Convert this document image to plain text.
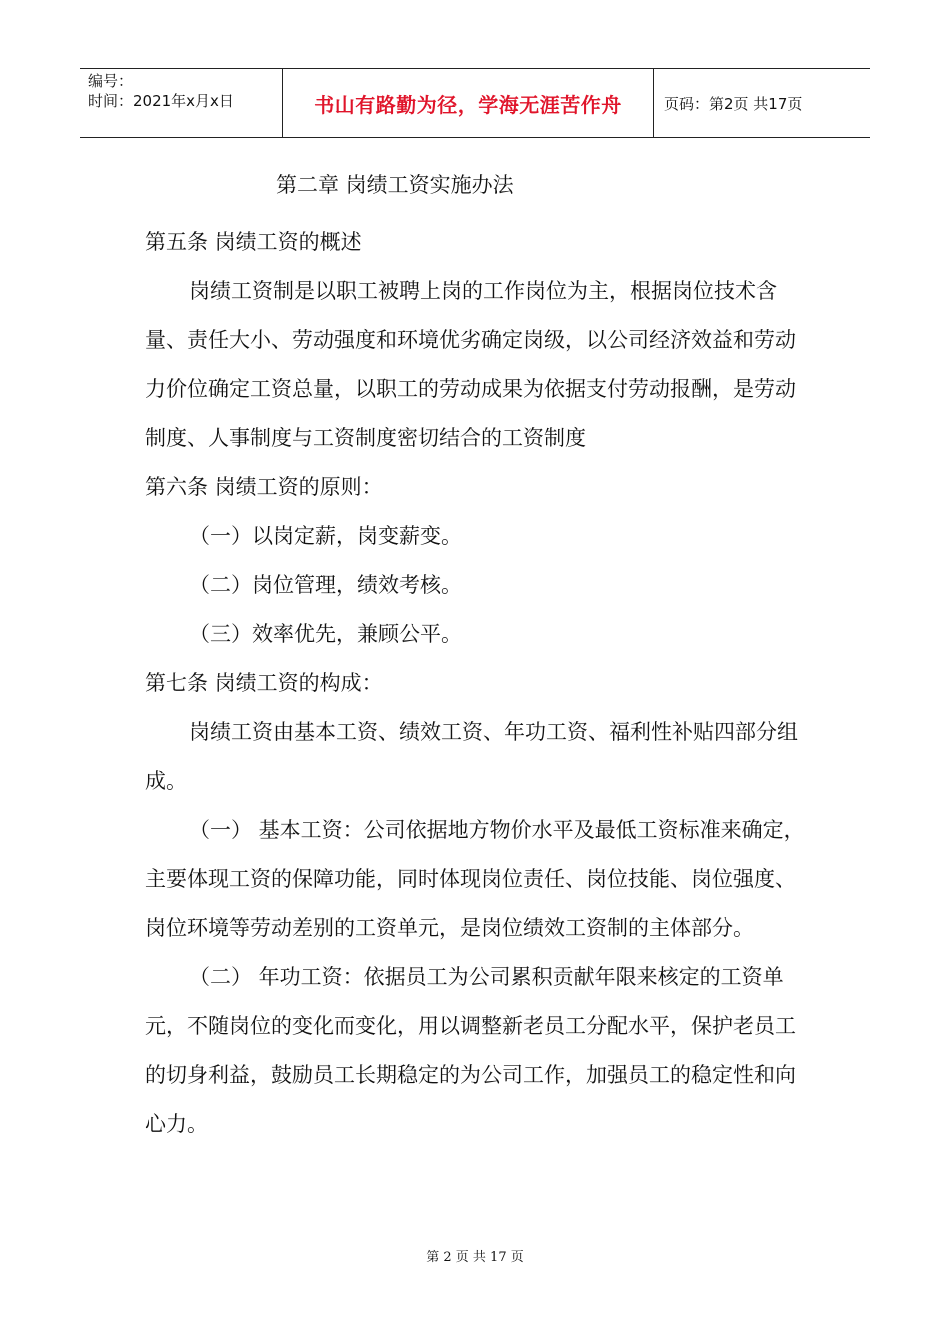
编号：
时间：2021年x月x日	书山有路勤为径，学海无涯苦作舟	页码：第2页 共17页
第二章 岗绩工资实施办法

第五条 岗绩工资的概述

岗绩工资制是以职工被聘上岗的工作岗位为主，根据岗位技术含量、责任大小、劳动强度和环境优劣确定岗级，以公司经济效益和劳动力价位确定工资总量，以职工的劳动成果为依据支付劳动报酬，是劳动制度、人事制度与工资制度密切结合的工资制度

第六条 岗绩工资的原则：

（一）以岗定薪，岗变薪变。

（二）岗位管理，绩效考核。

（三）效率优先，兼顾公平。

第七条 岗绩工资的构成：

岗绩工资由基本工资、绩效工资、年功工资、福利性补贴四部分组成。

（一） 基本工资：公司依据地方物价水平及最低工资标准来确定，主要体现工资的保障功能，同时体现岗位责任、岗位技能、岗位强度、岗位环境等劳动差别的工资单元，是岗位绩效工资制的主体部分。

（二） 年功工资：依据员工为公司累积贡献年限来核定的工资单元，不随岗位的变化而变化，用以调整新老员工分配水平，保护老员工的切身利益，鼓励员工长期稳定的为公司工作，加强员工的稳定性和向心力。

第 2 页 共 17 页
